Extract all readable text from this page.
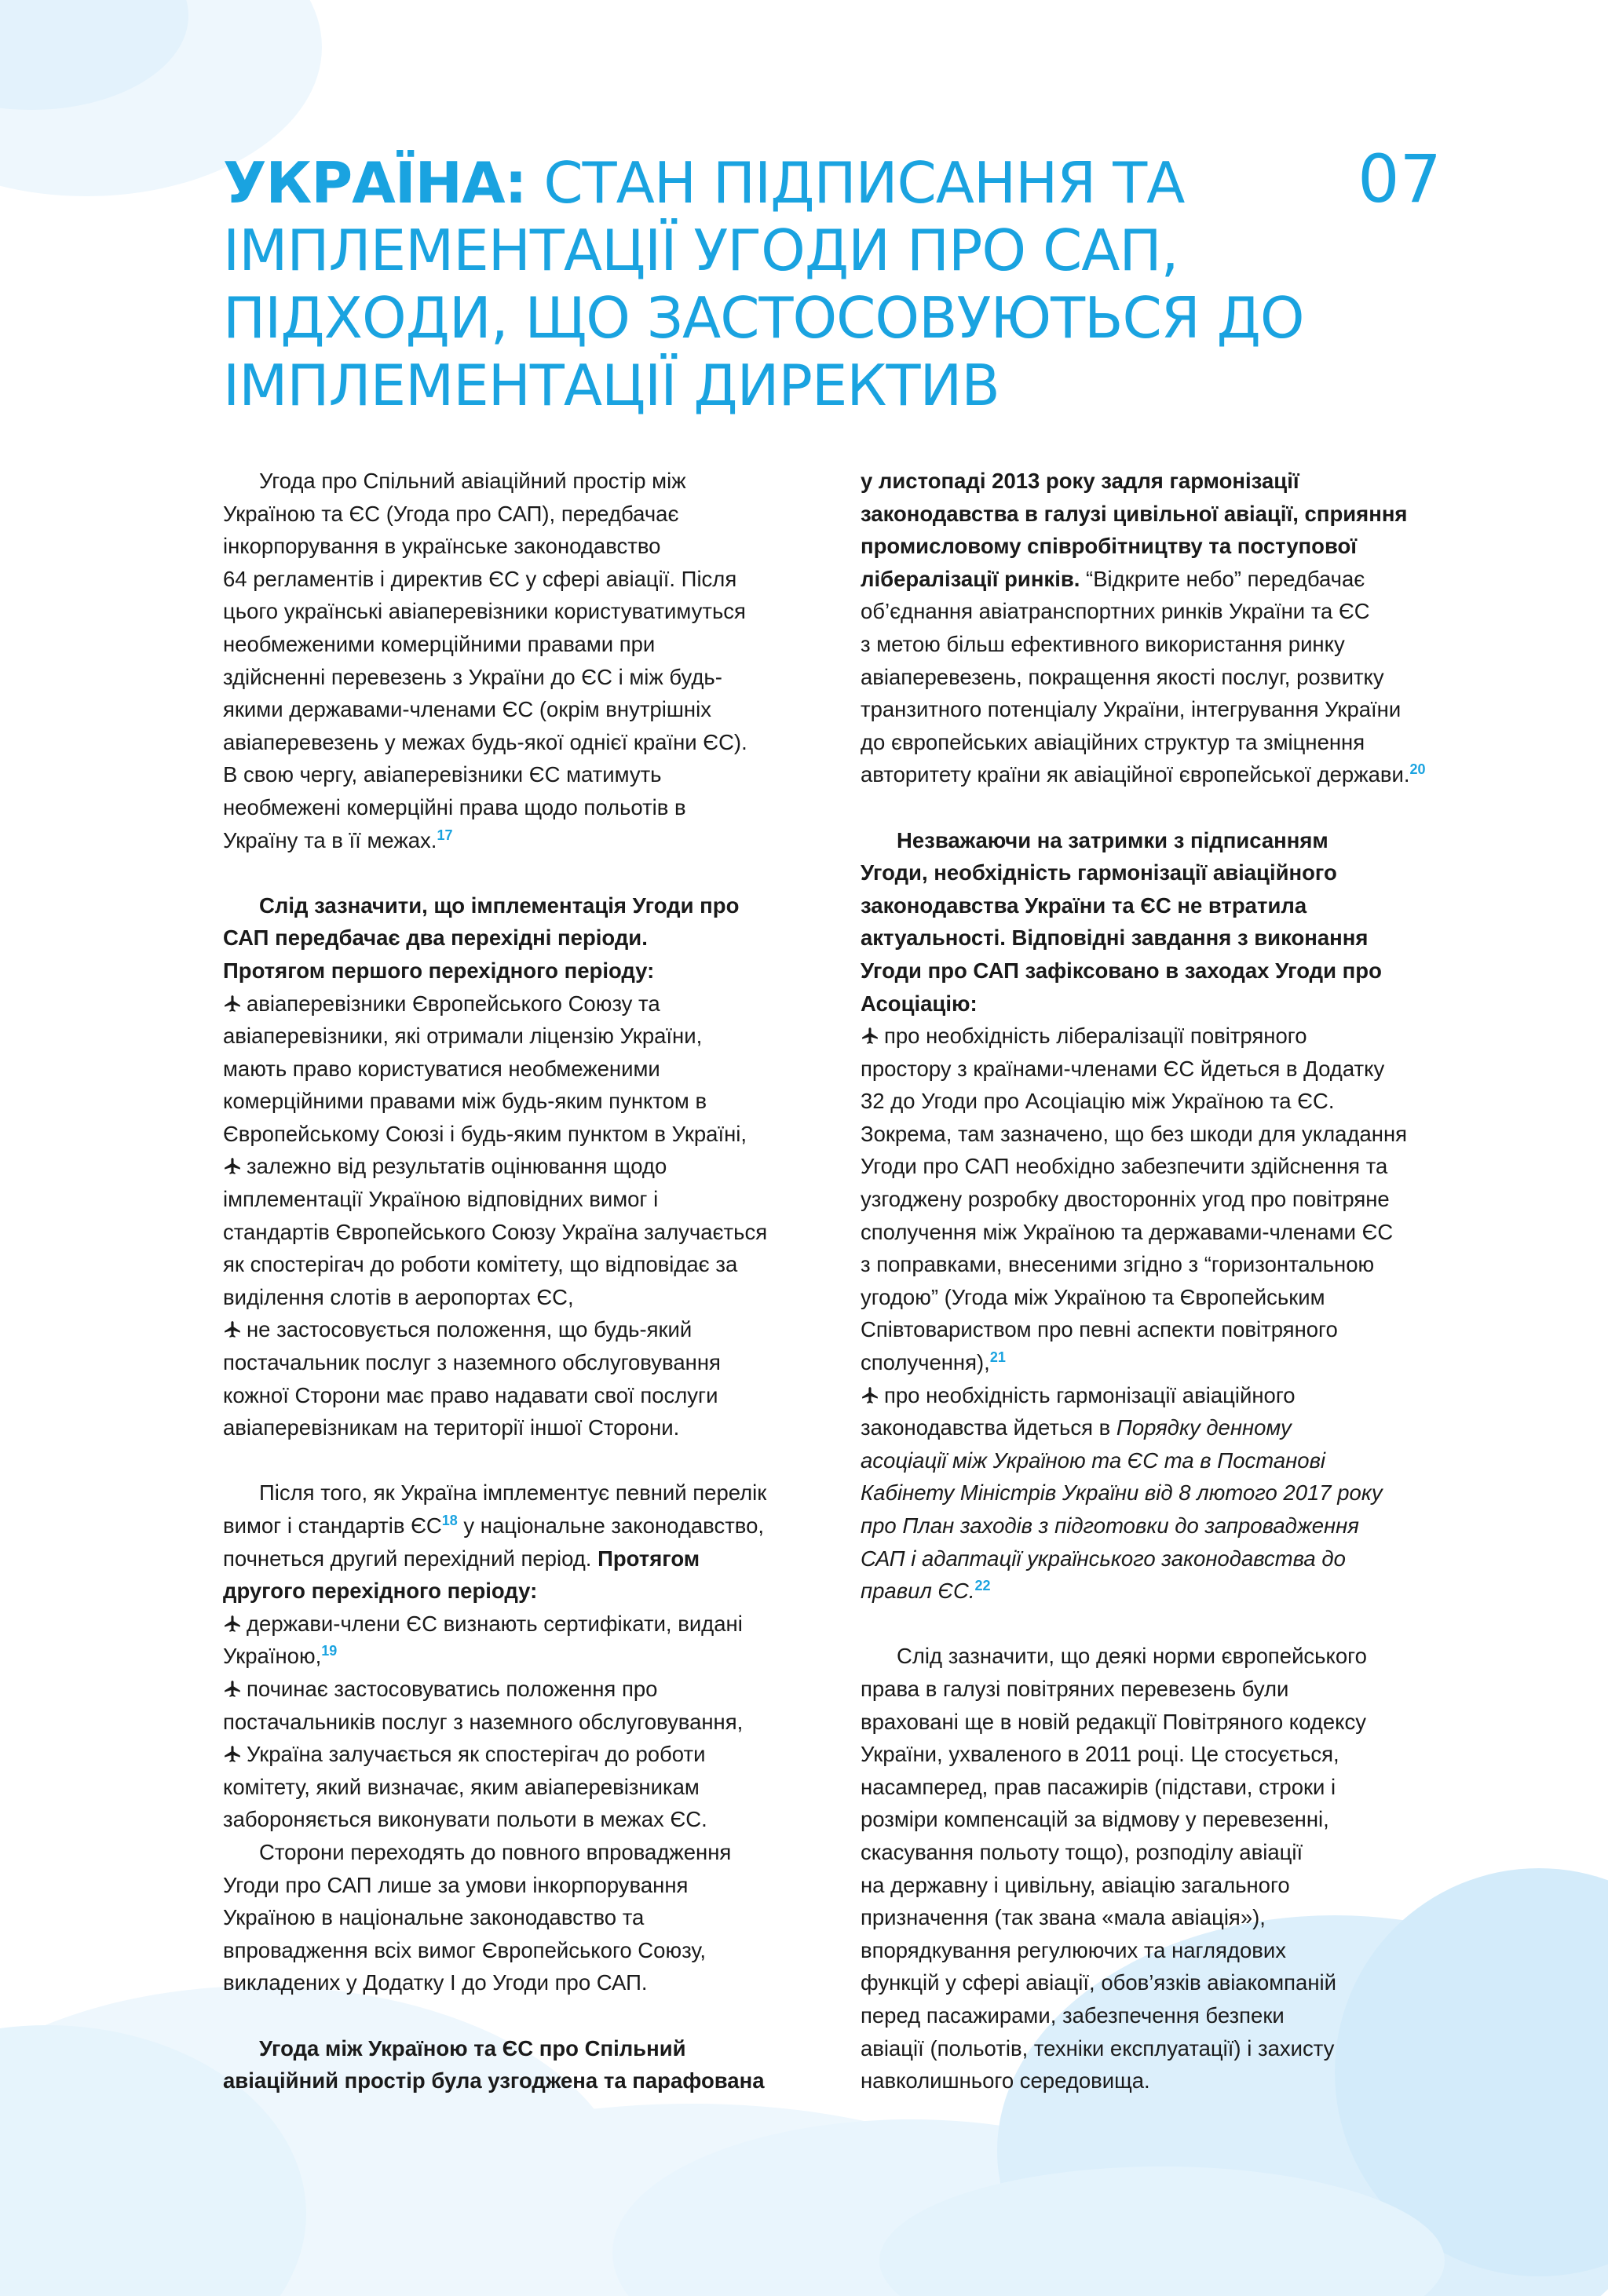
УКРАЇНА: СТАН ПІДПИСАННЯ ТА
ІМПЛЕМЕНТАЦІЇ УГОДИ ПРО САП,
ПІДХОДИ, ЩО ЗАСТОСОВУЮТЬСЯ ДО
ІМПЛЕМЕНТАЦІЇ ДИРЕКТИВ
07
Угода про Спільний авіаційний простір між
Україною та ЄС (Угода про САП), передбачає
інкорпорування в українське законодавство
64 регламентів і директив ЄС у сфері авіації. Після
цього українські авіаперевізники користуватимуться
необмеженими комерційними правами при
здійсненні перевезень з України до ЄС і між будь-
якими державами-членами ЄС (окрім внутрішніх
авіаперевезень у межах будь-якої однієї країни ЄС).
В свою чергу, авіаперевізники ЄС матимуть
необмежені комерційні права щодо польотів в
Україну та в її межах.$^{17}$
Слід зазначити, що імплементація Угоди про
САП передбачає два перехідні періоди.
Протягом першого перехідного періоду:
авіаперевізники Європейського Союзу та
авіаперевізники, які отримали ліцензію України,
мають право користуватися необмеженими
комерційними правами між будь-яким пунктом в
Європейському Союзі і будь-яким пунктом в Україні,
залежно від результатів оцінювання щодо
імплементації Україною відповідних вимог і
стандартів Європейського Союзу Україна залучається
як спостерігач до роботи комітету, що відповідає за
виділення слотів в аеропортах ЄС,
не застосовується положення, що будь-який
постачальник послуг з наземного обслуговування
кожної Сторони має право надавати свої послуги
авіаперевізникам на території іншої Сторони.
Після того, як Україна імплементує певний перелік
вимог і стандартів ЄС$^{18}$ у національне законодавство,
почнеться другий перехідний період. Протягом
другого перехідного періоду:
держави-члени ЄС визнають сертифікати, видані
Україною,$^{19}$
починає застосовуватись положення про
постачальників послуг з наземного обслуговування,
Україна залучається як спостерігач до роботи
комітету, який визначає, яким авіаперевізникам
забороняється виконувати польоти в межах ЄС.
Сторони переходять до повного впровадження
Угоди про САП лише за умови інкорпорування
Україною в національне законодавство та
впровадження всіх вимог Європейського Союзу,
викладених у Додатку I до Угоди про САП.
Угода між Україною та ЄС про Спільний
авіаційний простір була узгоджена та парафована
у листопаді 2013 року задля гармонізації
законодавства в галузі цивільної авіації, сприяння
промисловому співробітництву та поступової
лібералізації ринків. “Відкрите небо” передбачає
об’єднання авіатранспортних ринків України та ЄС
з метою більш ефективного використання ринку
авіаперевезень, покращення якості послуг, розвитку
транзитного потенціалу України, інтегрування України
до європейських авіаційних структур та зміцнення
авторитету країни як авіаційної європейської держави.$^{20}$
Незважаючи на затримки з підписанням
Угоди, необхідність гармонізації авіаційного
законодавства України та ЄС не втратила
актуальності. Відповідні завдання з виконання
Угоди про САП зафіксовано в заходах Угоди про
Асоціацію:
про необхідність лібералізації повітряного
простору з країнами-членами ЄС йдеться в Додатку
32 до Угоди про Асоціацію між Україною та ЄС.
Зокрема, там зазначено, що без шкоди для укладання
Угоди про САП необхідно забезпечити здійснення та
узгоджену розробку двосторонніх угод про повітряне
сполучення між Україною та державами-членами ЄС
з поправками, внесеними згідно з “горизонтальною
угодою” (Угода між Україною та Європейським
Співтовариством про певні аспекти повітряного
сполучення),$^{21}$
про необхідність гармонізації авіаційного
законодавства йдеться в Порядку денному
асоціації між Україною та ЄС та в Постанові
Кабінету Міністрів України від 8 лютого 2017 року
про План заходів з підготовки до запровадження
САП і адаптації українського законодавства до
правил ЄС.$^{22}$
Слід зазначити, що деякі норми європейського
права в галузі повітряних перевезень були
враховані ще в новій редакції Повітряного кодексу
України, ухваленого в 2011 році. Це стосується,
насамперед, прав пасажирів (підстави, строки і
розміри компенсацій за відмову у перевезенні,
скасування польоту тощо), розподілу авіації
на державну і цивільну, авіацію загального
призначення (так звана «мала авіація»),
впорядкування регулюючих та наглядових
функцій у сфері авіації, обов’язків авіакомпаній
перед пасажирами, забезпечення безпеки
авіації (польотів, техніки експлуатації) і захисту
навколишнього середовища.
